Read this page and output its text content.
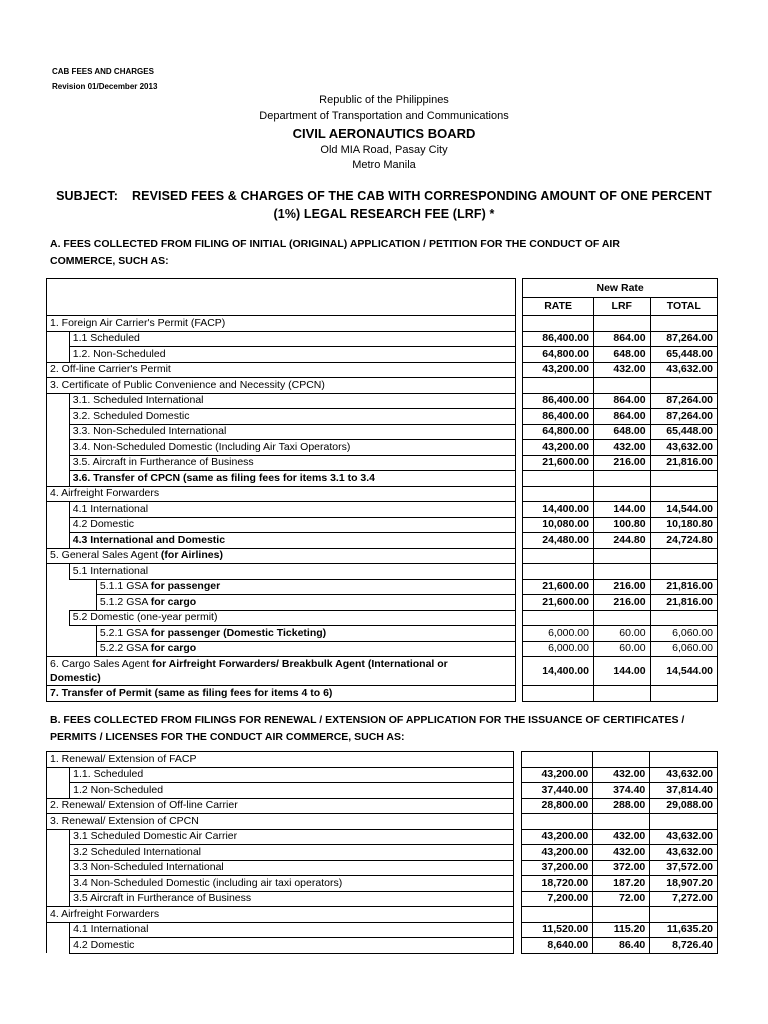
CAB FEES AND CHARGES
Revision 01/December 2013
Republic of the Philippines
Department of Transportation and Communications
CIVIL AERONAUTICS BOARD
Old MIA Road, Pasay City
Metro Manila
SUBJECT: REVISED FEES & CHARGES OF THE CAB WITH CORRESPONDING AMOUNT OF ONE PERCENT
(1%) LEGAL RESEARCH FEE (LRF) *
A. FEES COLLECTED FROM FILING OF INITIAL (ORIGINAL) APPLICATION / PETITION FOR THE CONDUCT OF AIR
COMMERCE, SUCH AS:
				New Rate		
				RATE	LRF	TOTAL
1. Foreign Air Carrier's Permit (FACP)						
	1.1 Scheduled			86,400.00	864.00	87,264.00
	1.2. Non-Scheduled			64,800.00	648.00	65,448.00
2. Off-line Carrier's Permit				43,200.00	432.00	43,632.00
3. Certificate of Public Convenience and Necessity (CPCN)						
	3.1. Scheduled International			86,400.00	864.00	87,264.00
	3.2. Scheduled Domestic			86,400.00	864.00	87,264.00
	3.3. Non-Scheduled International			64,800.00	648.00	65,448.00
	3.4. Non-Scheduled Domestic (Including Air Taxi Operators)			43,200.00	432.00	43,632.00
	3.5. Aircraft in Furtherance of Business			21,600.00	216.00	21,816.00
	3.6. Transfer of CPCN (same as filing fees for items 3.1 to 3.4					
4. Airfreight Forwarders						
	4.1 International			14,400.00	144.00	14,544.00
	4.2 Domestic			10,080.00	100.80	10,180.80
	4.3 International and Domestic			24,480.00	244.80	24,724.80
5. General Sales Agent (for Airlines)						
	5.1 International					
		5.1.1 GSA for passenger		21,600.00	216.00	21,816.00
		5.1.2 GSA for cargo		21,600.00	216.00	21,816.00
	5.2 Domestic (one-year permit)					
		5.2.1 GSA for passenger (Domestic Ticketing)		6,000.00	60.00	6,060.00
		5.2.2 GSA for cargo		6,000.00	60.00	6,060.00
6. Cargo Sales Agent for Airfreight Forwarders/ Breakbulk Agent (International or
Domestic)				14,400.00	144.00	14,544.00
7. Transfer of Permit (same as filing fees for items 4 to 6)						
B. FEES COLLECTED FROM FILINGS FOR RENEWAL / EXTENSION OF APPLICATION FOR THE ISSUANCE OF CERTIFICATES /
PERMITS / LICENSES FOR THE CONDUCT AIR COMMERCE, SUCH AS:
1. Renewal/ Extension of FACP					
	1.1. Scheduled		43,200.00	432.00	43,632.00
	1.2 Non-Scheduled		37,440.00	374.40	37,814.40
2. Renewal/ Extension of Off-line Carrier			28,800.00	288.00	29,088.00
3. Renewal/ Extension of CPCN					
	3.1 Scheduled Domestic Air Carrier		43,200.00	432.00	43,632.00
	3.2 Scheduled International		43,200.00	432.00	43,632.00
	3.3 Non-Scheduled International		37,200.00	372.00	37,572.00
	3.4 Non-Scheduled Domestic (including air taxi operators)		18,720.00	187.20	18,907.20
	3.5 Aircraft in Furtherance of Business		7,200.00	72.00	7,272.00
4. Airfreight Forwarders					
	4.1 International		11,520.00	115.20	11,635.20
	4.2 Domestic		8,640.00	86.40	8,726.40
